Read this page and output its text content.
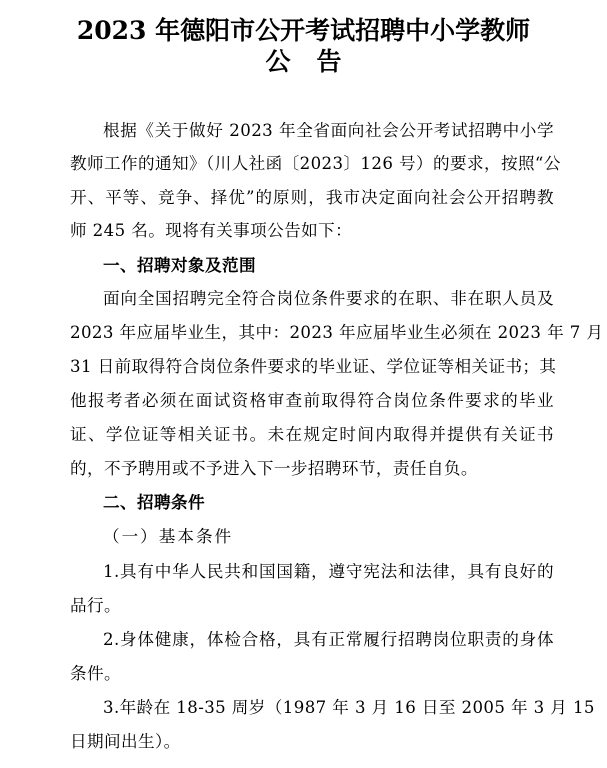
2023 年德阳市公开考试招聘中小学教师
公告
根据《关于做好 2023 年全省面向社会公开考试招聘中小学
教师工作的通知》（川人社函〔2023〕126 号）的要求，按照“公
开、平等、竞争、择优”的原则，我市决定面向社会公开招聘教
师 245 名。现将有关事项公告如下：
一、招聘对象及范围
面向全国招聘完全符合岗位条件要求的在职、非在职人员及
2023 年应届毕业生，其中：2023 年应届毕业生必须在 2023 年 7 月
31 日前取得符合岗位条件要求的毕业证、学位证等相关证书；其
他报考者必须在面试资格审查前取得符合岗位条件要求的毕业
证、学位证等相关证书。未在规定时间内取得并提供有关证书
的，不予聘用或不予进入下一步招聘环节，责任自负。
二、招聘条件
（一）基本条件
1.具有中华人民共和国国籍，遵守宪法和法律，具有良好的
品行。
2.身体健康，体检合格，具有正常履行招聘岗位职责的身体
条件。
3.年龄在 18-35 周岁（1987 年 3 月 16 日至 2005 年 3 月 15
日期间出生）。
